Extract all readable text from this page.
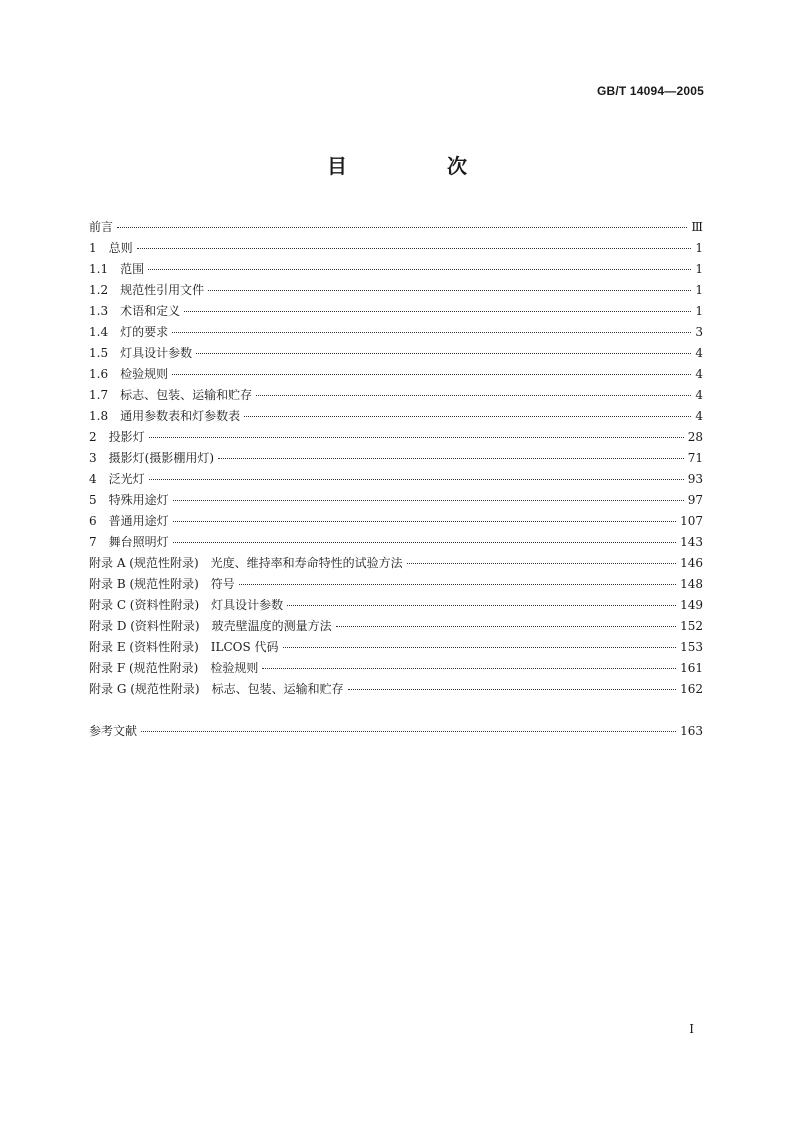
GB/T 14094—2005
目　次
前言	Ⅲ
1　总则	1
1.1　范围	1
1.2　规范性引用文件	1
1.3　术语和定义	1
1.4　灯的要求	3
1.5　灯具设计参数	4
1.6　检验规则	4
1.7　标志、包装、运输和贮存	4
1.8　通用参数表和灯参数表	4
2　投影灯	28
3　摄影灯(摄影棚用灯)	71
4　泛光灯	93
5　特殊用途灯	97
6　普通用途灯	107
7　舞台照明灯	143
附录 A (规范性附录)　光度、维持率和寿命特性的试验方法	146
附录 B (规范性附录)　符号	148
附录 C (资料性附录)　灯具设计参数	149
附录 D (资料性附录)　玻壳壁温度的测量方法	152
附录 E (资料性附录)　ILCOS 代码	153
附录 F (规范性附录)　检验规则	161
附录 G (规范性附录)　标志、包装、运输和贮存	162
参考文献	163
I
